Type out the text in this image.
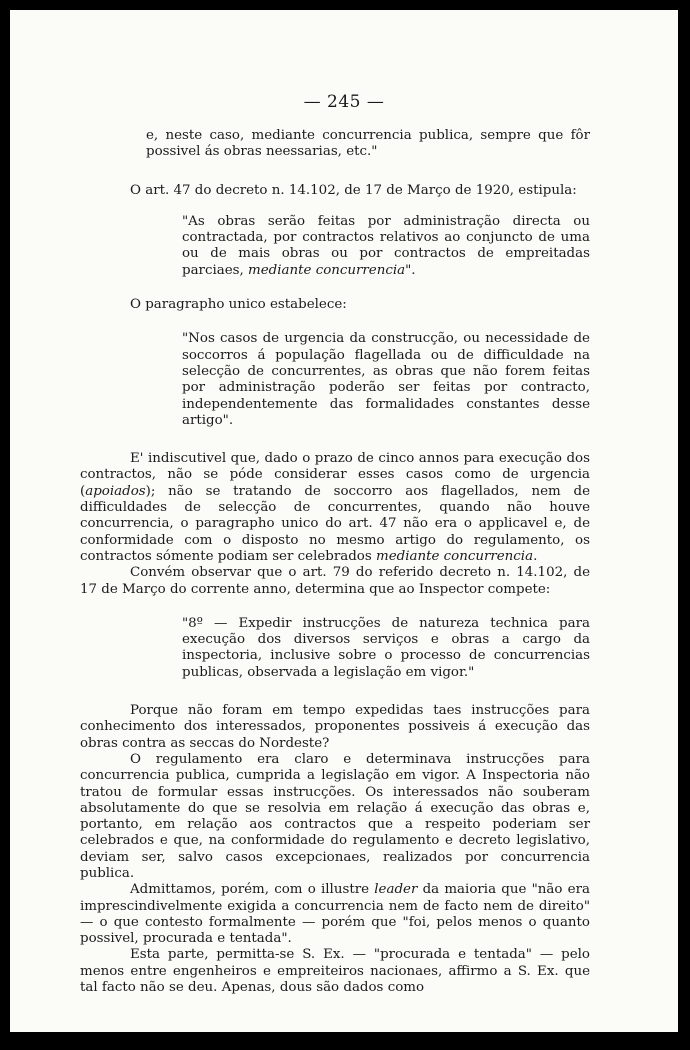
— 245 —

e, neste caso, mediante concurrencia publica, sempre que fôr possivel ás obras neessarias, etc."

O art. 47 do decreto n. 14.102, de 17 de Março de 1920, estipula:

"As obras serão feitas por administração directa ou contractada, por contractos relativos ao conjuncto de uma ou de mais obras ou por contractos de empreitadas parciaes, mediante concurrencia".

O paragrapho unico estabelece:

"Nos casos de urgencia da construcção, ou necessidade de soccorros á população flagellada ou de difficuldade na selecção de concurrentes, as obras que não forem feitas por administração poderão ser feitas por contracto, independentemente das formalidades constantes desse artigo".

E' indiscutivel que, dado o prazo de cinco annos para execução dos contractos, não se póde considerar esses casos como de urgencia (apoiados); não se tratando de soccorro aos flagellados, nem de difficuldades de selecção de concurrentes, quando não houve concurrencia, o paragrapho unico do art. 47 não era o applicavel e, de conformidade com o disposto no mesmo artigo do regulamento, os contractos sómente podiam ser celebrados mediante concurrencia.

Convém observar que o art. 79 do referido decreto n. 14.102, de 17 de Março do corrente anno, determina que ao Inspector compete:

"8º — Expedir instrucções de natureza technica para execução dos diversos serviços e obras a cargo da inspectoria, inclusive sobre o processo de concurrencias publicas, observada a legislação em vigor."

Porque não foram em tempo expedidas taes instrucções para conhecimento dos interessados, proponentes possiveis á execução das obras contra as seccas do Nordeste?

O regulamento era claro e determinava instrucções para concurrencia publica, cumprida a legislação em vigor. A Inspectoria não tratou de formular essas instrucções. Os interessados não souberam absolutamente do que se resolvia em relação á execução das obras e, portanto, em relação aos contractos que a respeito poderiam ser celebrados e que, na conformidade do regulamento e decreto legislativo, deviam ser, salvo casos excepcionaes, realizados por concurrencia publica.

Admittamos, porém, com o illustre leader da maioria que "não era imprescindivelmente exigida a concurrencia nem de facto nem de direito" — o que contesto formalmente — porém que "foi, pelos menos o quanto possivel, procurada e tentada".

Esta parte, permitta-se S. Ex. — "procurada e tentada" — pelo menos entre engenheiros e empreiteiros nacionaes, affirmo a S. Ex. que tal facto não se deu. Apenas, dous são dados como
